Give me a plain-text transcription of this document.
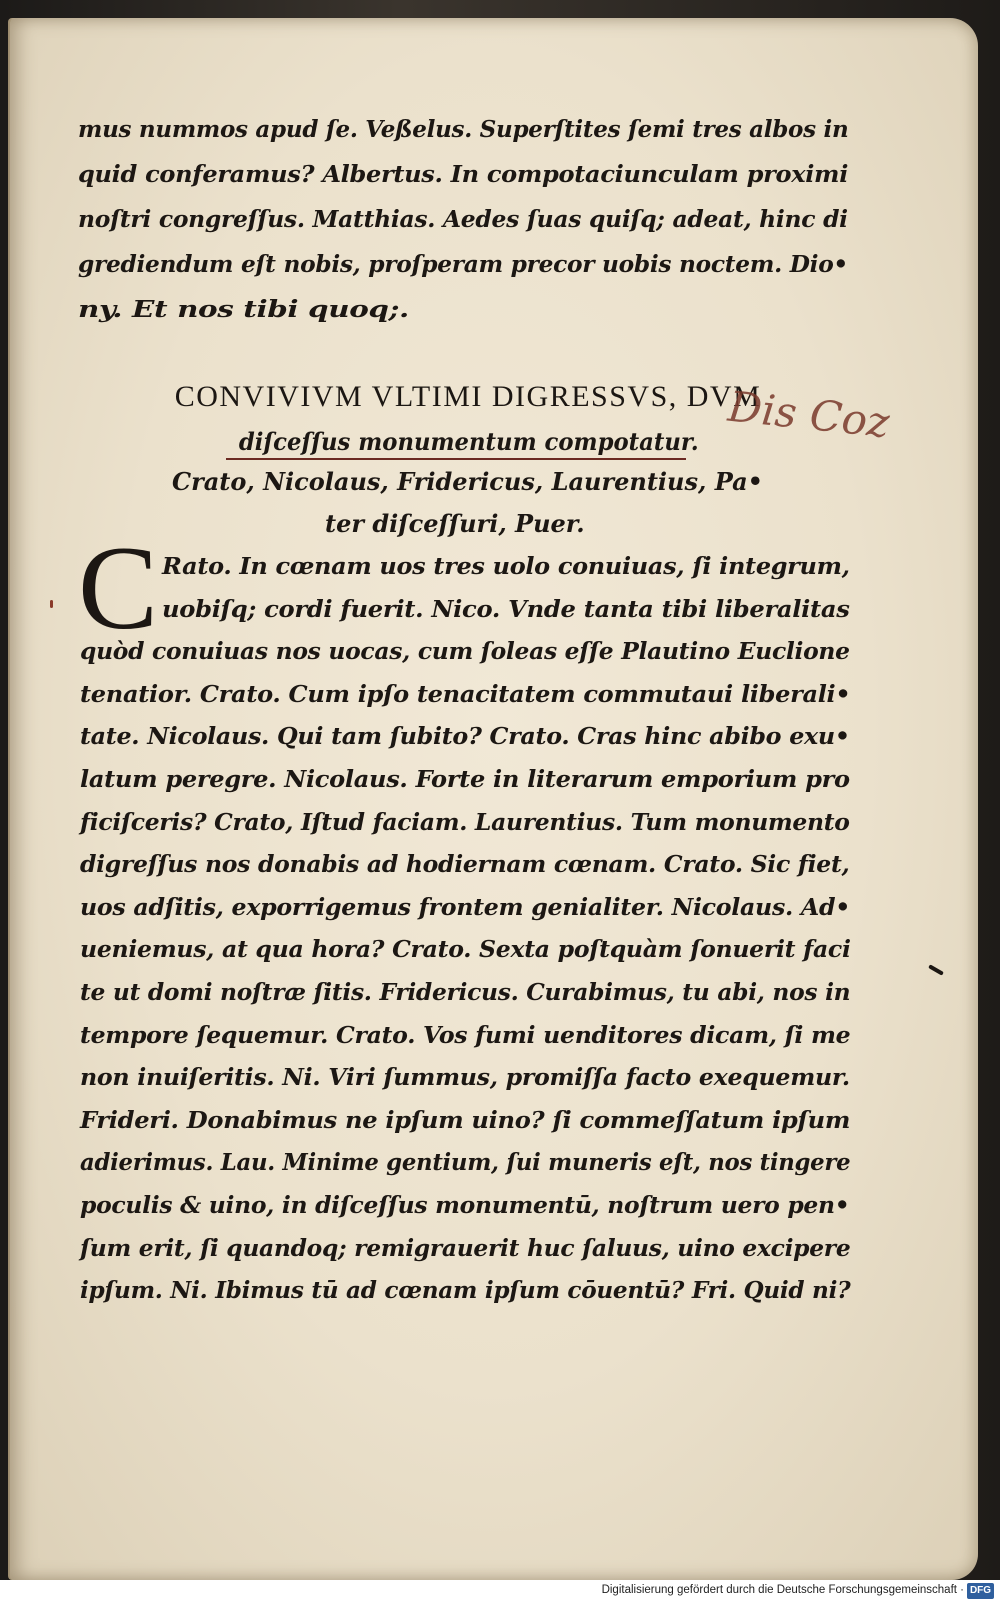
mus nummos apud ſe. Veßelus. Superſtites ſemi tres albos in
quid conferamus? Albertus. In compotaciunculam proximi
noſtri congreſſus. Matthias. Aedes ſuas quiſq; adeat, hinc di
grediendum eſt nobis, proſperam precor uobis noctem. Dio•
ny. Et nos tibi quoq;.
CONVIVIVM VLTIMI DIGRESSVS, DVM
diſceſſus monumentum compotatur. Dis Coz
Crato, Nicolaus, Fridericus, Laurentius, Pa•
ter diſceſſuri, Puer.
C Rato. In cœnam uos tres uolo conuiuas, ſi integrum,
uobiſq; cordi fuerit. Nico. Vnde tanta tibi liberalitas
quòd conuiuas nos uocas, cum ſoleas eſſe Plautino Euclione
tenatior. Crato. Cum ipſo tenacitatem commutaui liberali•
tate. Nicolaus. Qui tam ſubito? Crato. Cras hinc abibo exu•
latum peregre. Nicolaus. Forte in literarum emporium pro
ficiſceris? Crato, Iſtud faciam. Laurentius. Tum monumento
digreſſus nos donabis ad hodiernam cœnam. Crato. Sic fiet,
uos adſitis, exporrigemus frontem genialiter. Nicolaus. Ad•
ueniemus, at qua hora? Crato. Sexta poſtquàm ſonuerit faci
te ut domi noſtræ ſitis. Fridericus. Curabimus, tu abi, nos in
tempore ſequemur. Crato. Vos fumi uenditores dicam, ſi me
non inuiſeritis. Ni. Viri ſummus, promiſſa facto exequemur.
Frideri. Donabimus ne ipſum uino? ſi commeſſatum ipſum
adierimus. Lau. Minime gentium, ſui muneris eſt, nos tingere
poculis & uino, in diſceſſus monumentū, noſtrum uero pen•
ſum erit, ſi quandoq; remigrauerit huc ſaluus, uino excipere
ipſum. Ni. Ibimus tū ad cœnam ipſum cōuentū? Fri. Quid ni?
Digitalisierung gefördert durch die Deutsche Forschungsgemeinschaft · DFG
